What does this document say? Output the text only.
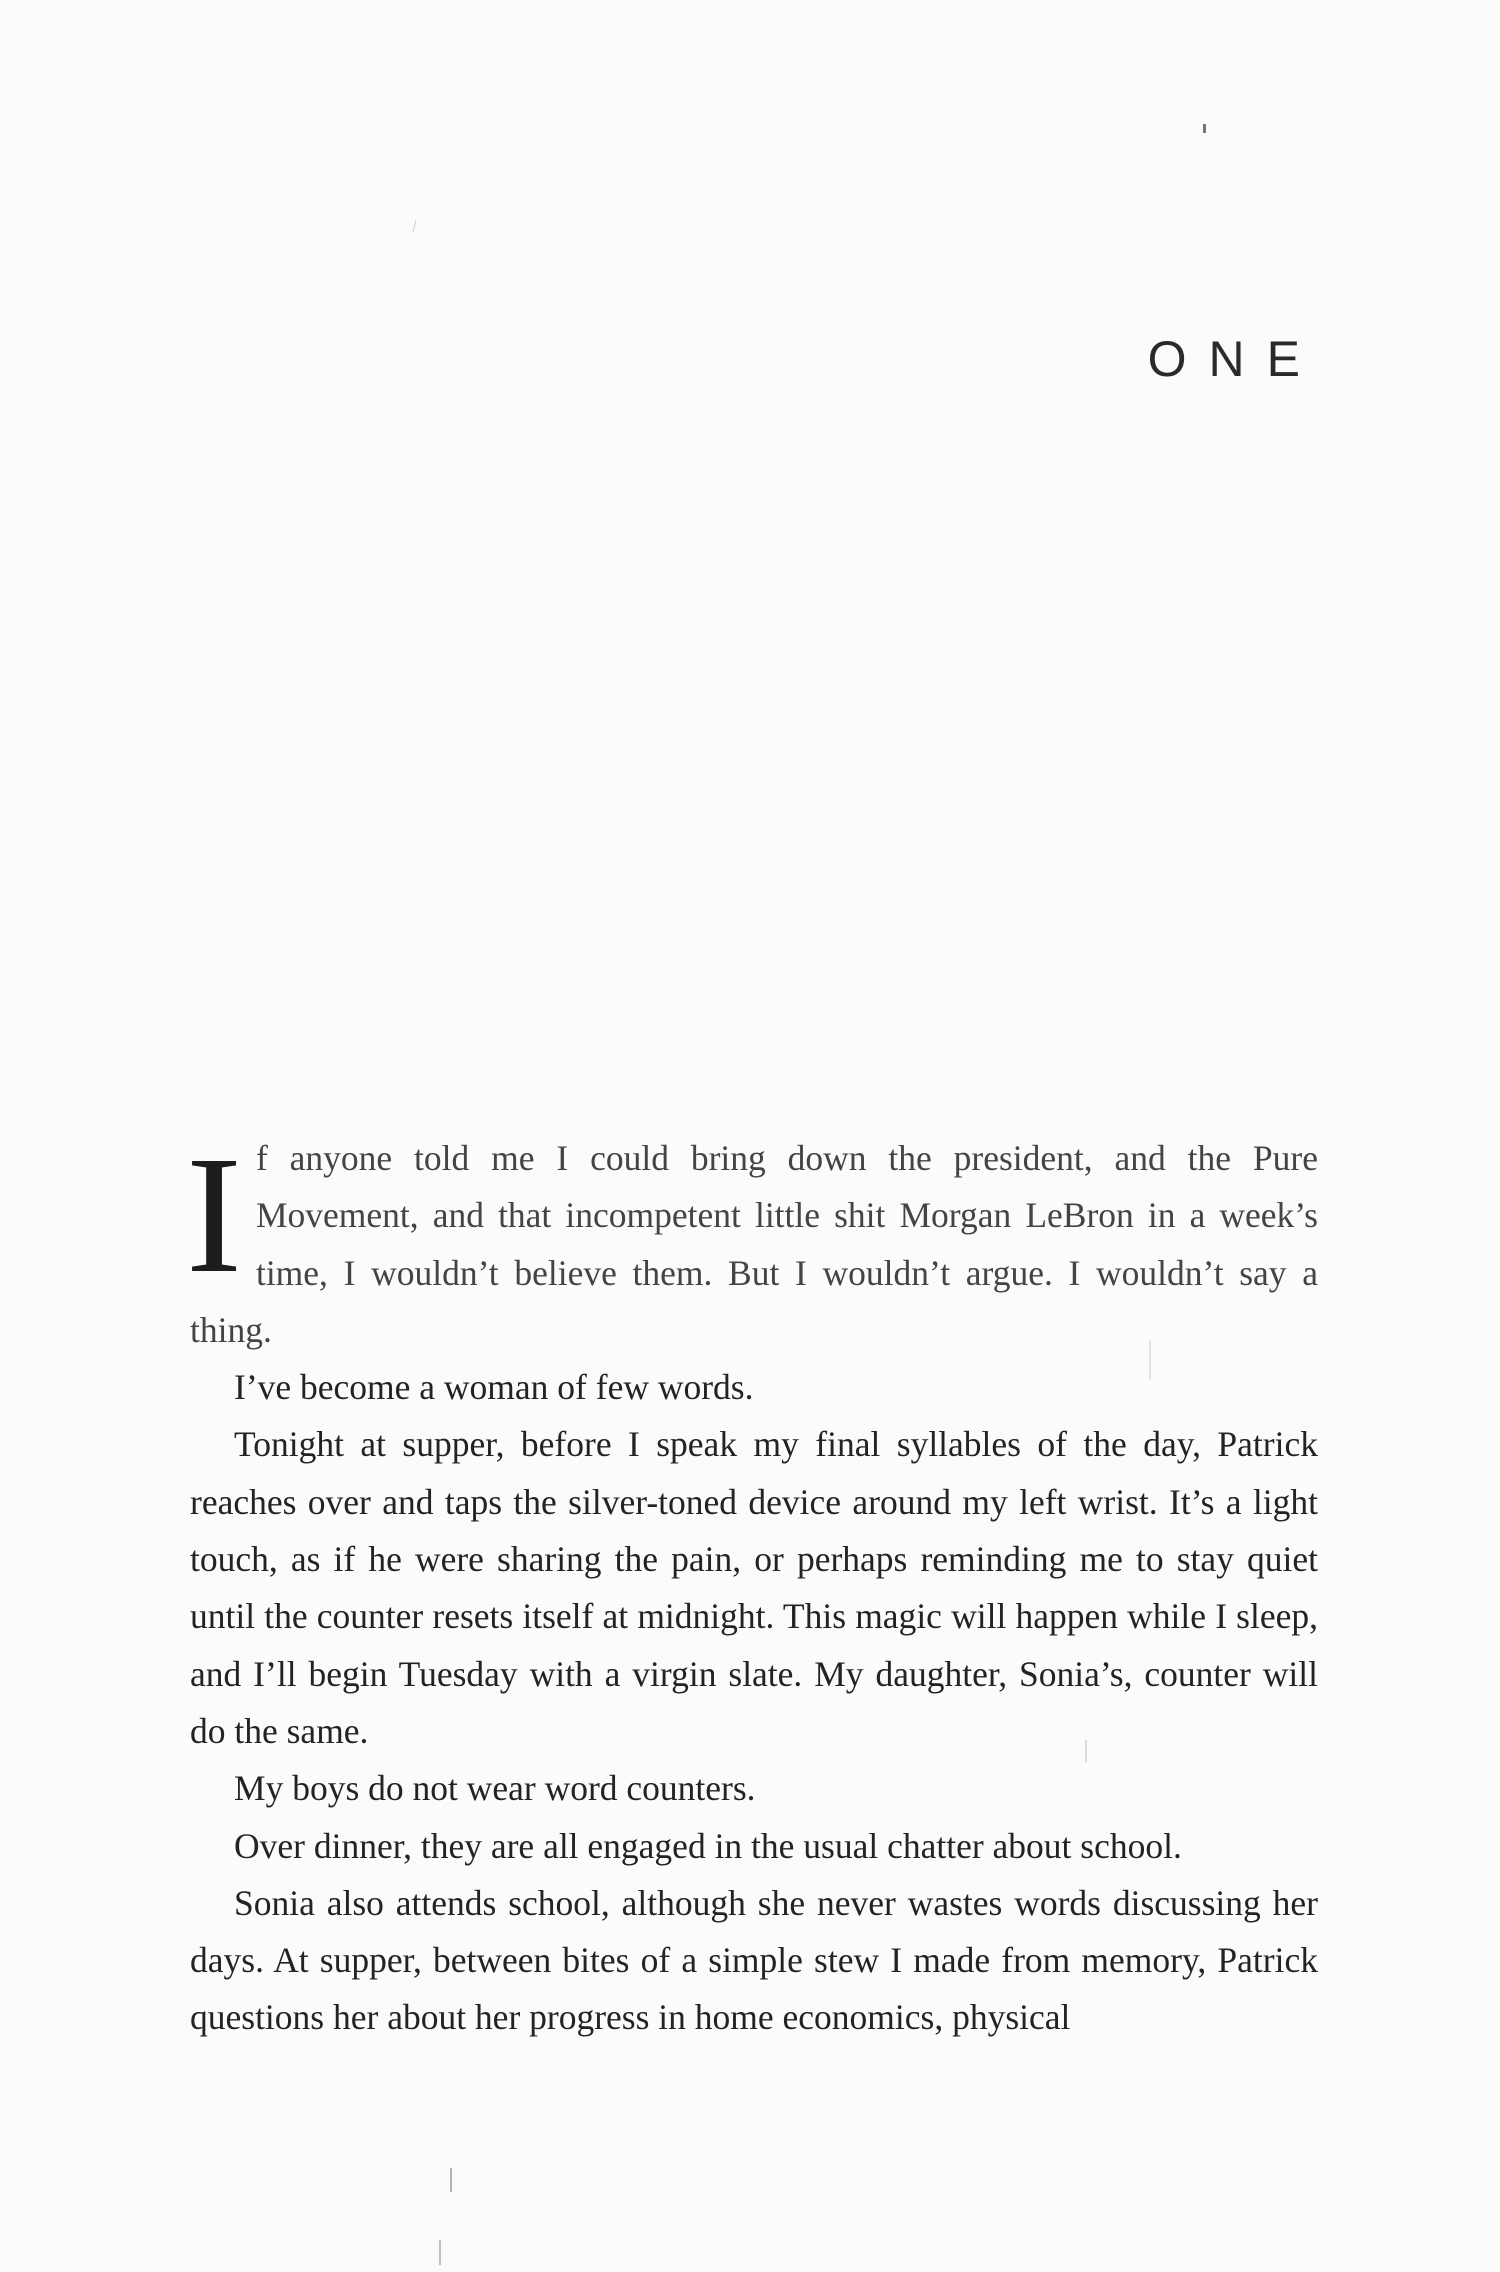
ONE

If anyone told me I could bring down the president, and the Pure Movement, and that incompetent little shit Morgan LeBron in a week’s time, I wouldn’t believe them. But I wouldn’t argue. I wouldn’t say a thing.

I’ve become a woman of few words.

Tonight at supper, before I speak my final syllables of the day, Patrick reaches over and taps the silver-toned device around my left wrist. It’s a light touch, as if he were sharing the pain, or perhaps reminding me to stay quiet until the counter resets itself at midnight. This magic will happen while I sleep, and I’ll begin Tuesday with a virgin slate. My daughter, Sonia’s, counter will do the same.

My boys do not wear word counters.

Over dinner, they are all engaged in the usual chatter about school.

Sonia also attends school, although she never wastes words discussing her days. At supper, between bites of a simple stew I made from memory, Patrick questions her about her progress in home economics, physical
